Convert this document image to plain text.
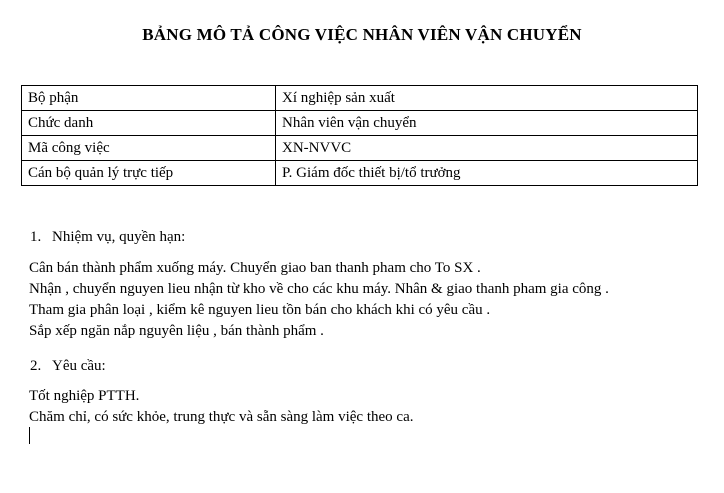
BẢNG MÔ TẢ CÔNG VIỆC NHÂN VIÊN VẬN CHUYỂN
Bộ phận	Xí nghiệp sản xuất
Chức danh	Nhân viên vận chuyển
Mã công việc	XN-NVVC
Cán bộ quản lý trực tiếp	P. Giám đốc thiết bị/tổ trưởng
1. Nhiệm vụ, quyền hạn:
Cân bán thành phẩm xuống máy. Chuyển giao ban thanh pham cho To SX .
Nhận , chuyển nguyen lieu nhận từ kho về cho các khu máy. Nhân & giao thanh pham gia công .
Tham gia phân loại , kiểm kê nguyen lieu tồn bán cho khách khi có yêu cầu .
Sắp xếp ngăn nắp nguyên liệu , bán thành phẩm .
2. Yêu cầu:
Tốt nghiệp PTTH.
Chăm chỉ, có sức khỏe, trung thực và sẵn sàng làm việc theo ca.
